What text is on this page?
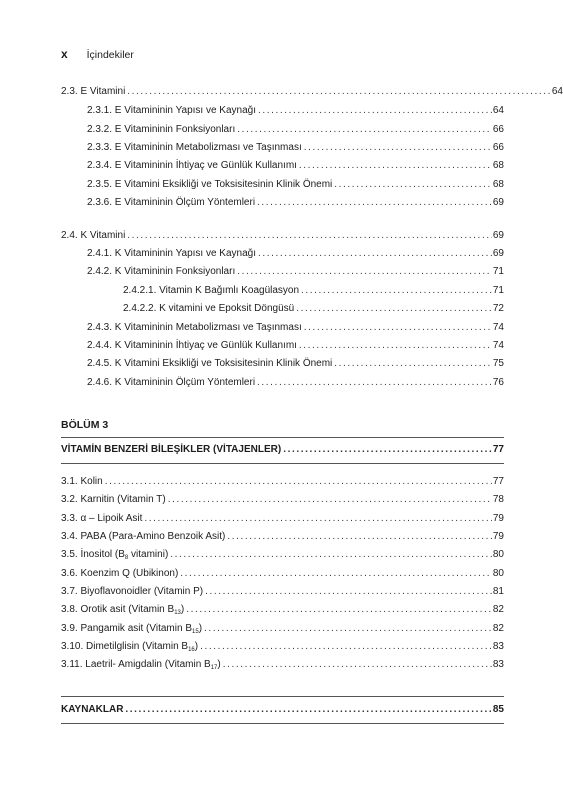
x İçindekiler
2.3. E Vitamini .....	64
2.3.1. E Vitamininin Yapısı ve Kaynağı .....	64
2.3.2. E Vitamininin Fonksiyonları .....	66
2.3.3. E Vitamininin Metabolizması ve Taşınması .....	66
2.3.4. E Vitamininin İhtiyaç ve Günlük Kullanımı .....	68
2.3.5. E Vitamini Eksikliği ve Toksisitesinin Klinik Önemi .....	68
2.3.6. E Vitamininin Ölçüm Yöntemleri .....	69
2.4. K Vitamini .....	69
2.4.1. K Vitamininin Yapısı ve Kaynağı .....	69
2.4.2. K Vitamininin Fonksiyonları .....	71
2.4.2.1. Vitamin K Bağımlı Koagülasyon .....	71
2.4.2.2. K vitamini ve Epoksit Döngüsü .....	72
2.4.3. K Vitamininin Metabolizması ve Taşınması .....	74
2.4.4. K Vitamininin İhtiyaç ve Günlük Kullanımı .....	74
2.4.5. K Vitamini Eksikliği ve Toksisitesinin Klinik Önemi .....	75
2.4.6. K Vitamininin Ölçüm Yöntemleri .....	76
BÖLÜM 3
VİTAMİN BENZERİ BİLEŞİKLER (VİTAJENLER) .....	77
3.1. Kolin .....	77
3.2. Karnitin (Vitamin T) .....	78
3.3. α – Lipoik Asit .....	79
3.4. PABA (Para-Amino Benzoik Asit) .....	79
3.5. İnositol ($B_8$ vitamini) .....	80
3.6. Koenzim Q (Ubikinon) .....	80
3.7. Biyoflavonoidler (Vitamin P) .....	81
3.8. Orotik asit (Vitamin $B_{13}$) .....	82
3.9. Pangamik asit (Vitamin $B_{15}$) .....	82
3.10. Dimetilglisin (Vitamin $B_{16}$) .....	83
3.11. Laetril- Amigdalin (Vitamin $B_{17}$) .....	83
KAYNAKLAR .....	85
